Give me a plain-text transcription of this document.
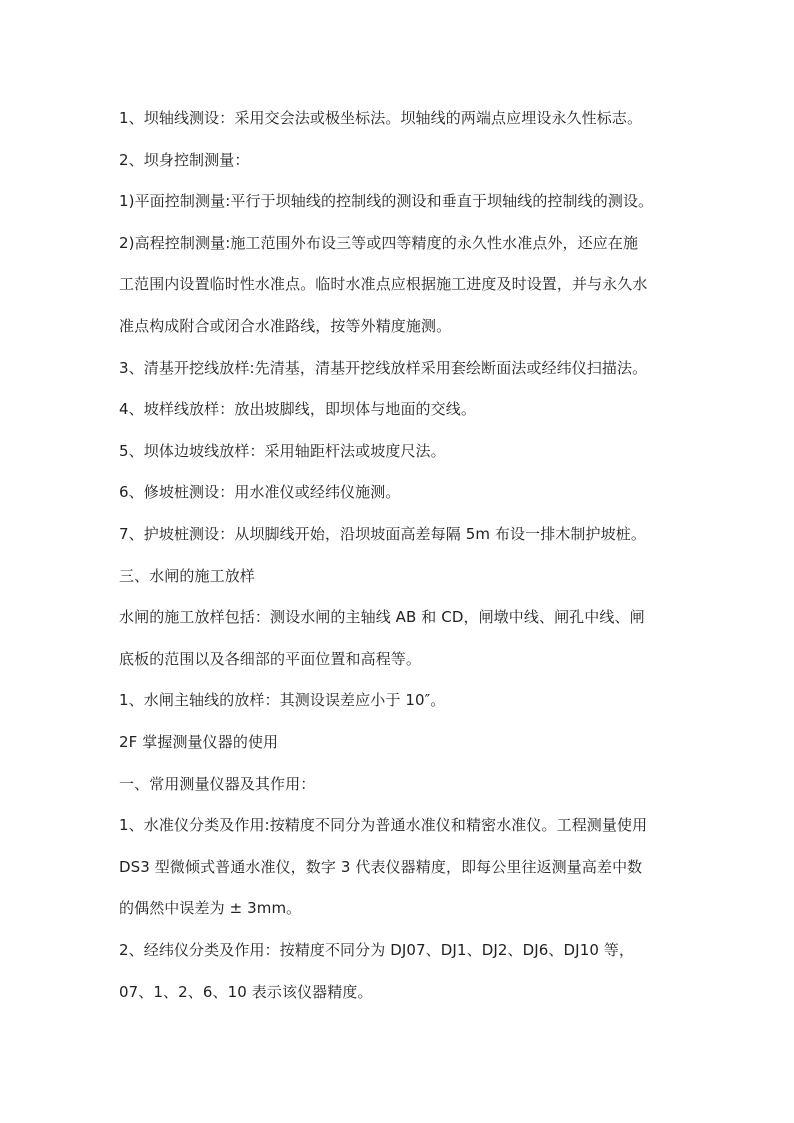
1、坝轴线测设：采用交会法或极坐标法。坝轴线的两端点应埋设永久性标志。
2、坝身控制测量：
1)平面控制测量:平行于坝轴线的控制线的测设和垂直于坝轴线的控制线的测设。
2)高程控制测量:施工范围外布设三等或四等精度的永久性水准点外，还应在施
工范围内设置临时性水准点。临时水准点应根据施工进度及时设置，并与永久水
准点构成附合或闭合水准路线，按等外精度施测。
3、清基开挖线放样:先清基，清基开挖线放样采用套绘断面法或经纬仪扫描法。
4、坡样线放样：放出坡脚线，即坝体与地面的交线。
5、坝体边坡线放样：采用轴距杆法或坡度尺法。
6、修坡桩测设：用水准仪或经纬仪施测。
7、护坡桩测设：从坝脚线开始，沿坝坡面高差每隔 5m 布设一排木制护坡桩。
三、水闸的施工放样
水闸的施工放样包括：测设水闸的主轴线 AB 和 CD，闸墩中线、闸孔中线、闸
底板的范围以及各细部的平面位置和高程等。
1、水闸主轴线的放样：其测设误差应小于 10″。
2F 掌握测量仪器的使用
一、常用测量仪器及其作用：
1、水准仪分类及作用:按精度不同分为普通水准仪和精密水准仪。工程测量使用
DS3 型微倾式普通水准仪，数字 3 代表仪器精度，即每公里往返测量高差中数
的偶然中误差为 ± 3mm。
2、经纬仪分类及作用：按精度不同分为 DJ07、DJ1、DJ2、DJ6、DJ10 等，
07、1、2、6、10 表示该仪器精度。
